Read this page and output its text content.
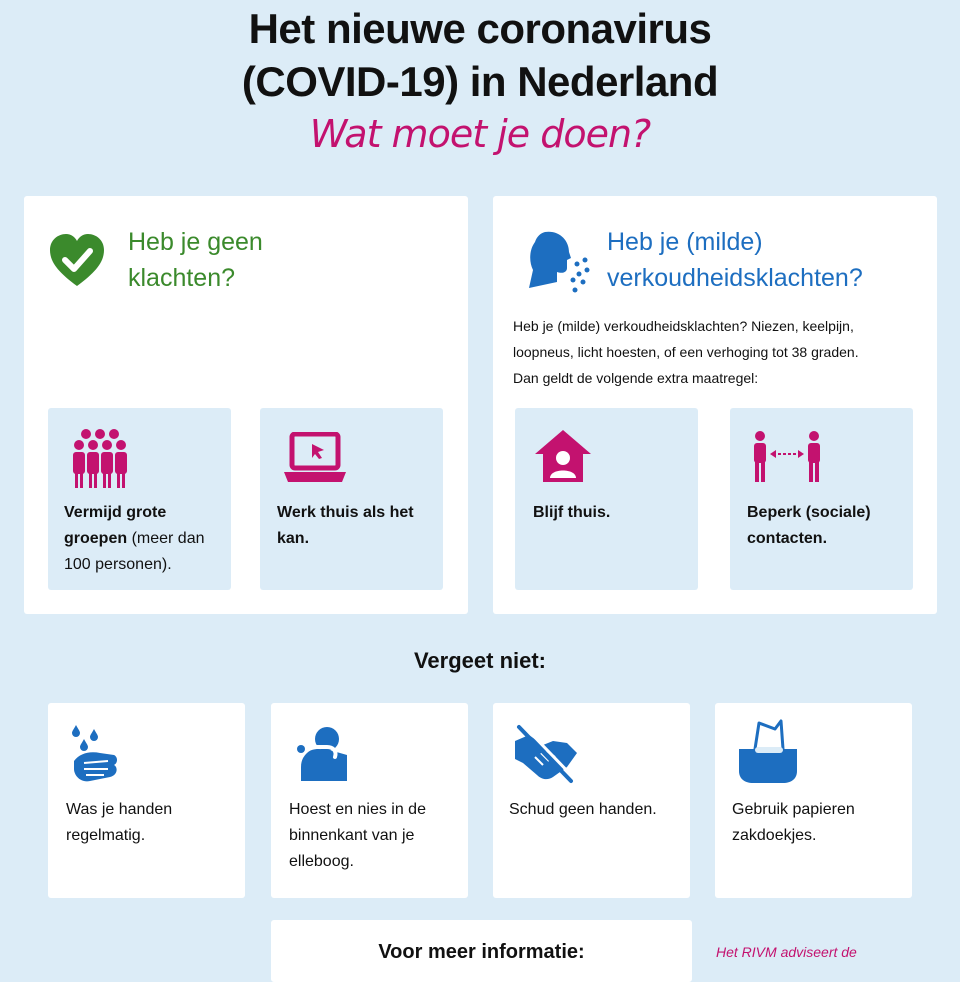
Het nieuwe coronavirus
(COVID-19) in Nederland
Wat moet je doen?
Heb je geen
klachten?
Vermijd grote groepen (meer dan 100 personen).
Werk thuis als het kan.
Heb je (milde)
verkoudheidsklachten?
Heb je (milde) verkoudheidsklachten? Niezen, keelpijn,
loopneus, licht hoesten, of een verhoging tot 38 graden.
Dan geldt de volgende extra maatregel:
Blijf thuis.	Beperk (sociale) contacten.
Vergeet niet:
Was je handen regelmatig.
Hoest en nies in de binnenkant van je elleboog.
Schud geen handen.	Gebruik papieren zakdoekjes.
Voor meer informatie:	Het RIVM adviseert de
